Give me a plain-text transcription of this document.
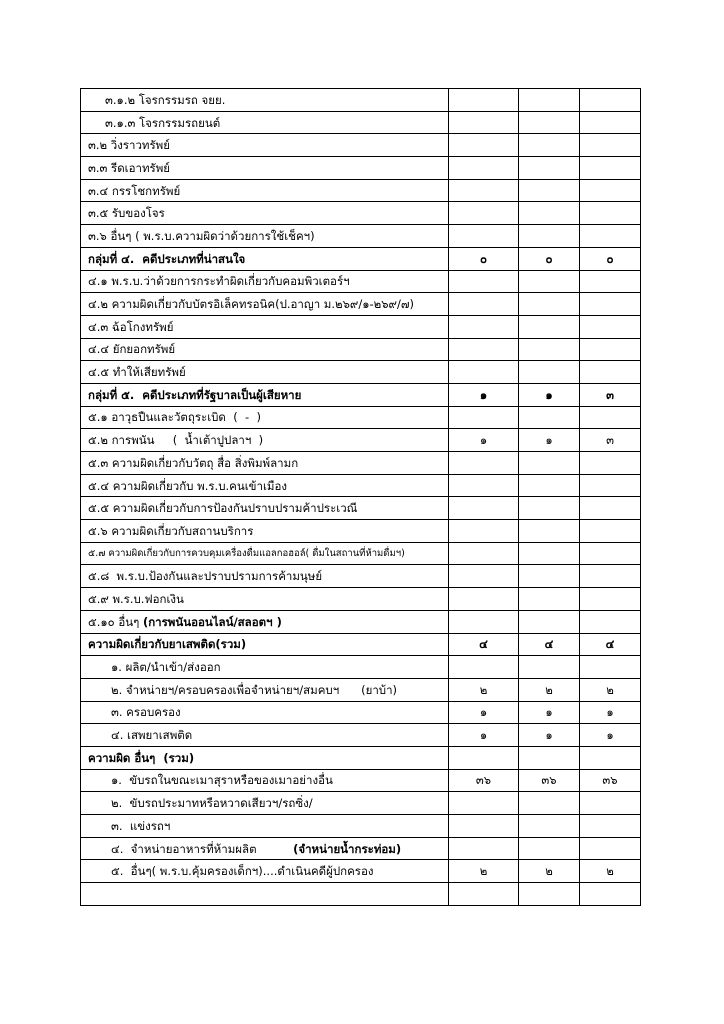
๓.๑.๒ โจรกรรมรถ จยย.			
๓.๑.๓ โจรกรรมรถยนต์			
๓.๒ วิ่งราวทรัพย์			
๓.๓ รีดเอาทรัพย์			
๓.๔ กรรโชกทรัพย์			
๓.๕ รับของโจร			
๓.๖ อื่นๆ ( พ.ร.บ.ความผิดว่าด้วยการใช้เช็คฯ)			
กลุ่มที่ ๔.  คดีประเภทที่น่าสนใจ	๐	๐	๐
๔.๑ พ.ร.บ.ว่าด้วยการกระทำผิดเกี่ยวกับคอมพิวเตอร์ฯ			
๔.๒ ความผิดเกี่ยวกับบัตรอิเล็คทรอนิค(ป.อาญา ม.๒๖๙/๑-๒๖๙/๗)			
๔.๓ ฉ้อโกงทรัพย์			
๔.๔ ยักยอกทรัพย์			
๔.๕ ทำให้เสียทรัพย์			
กลุ่มที่ ๕.  คดีประเภทที่รัฐบาลเป็นผู้เสียหาย	๑	๑	๓
๕.๑ อาวุธปืนและวัตถุระเบิด  (  -  )			
๕.๒ การพนัน     (  น้ำเต้าปูปลาฯ  )	๑	๑	๓
๕.๓ ความผิดเกี่ยวกับวัตถุ สื่อ สิ่งพิมพ์ลามก			
๕.๔ ความผิดเกี่ยวกับ พ.ร.บ.คนเข้าเมือง			
๕.๕ ความผิดเกี่ยวกับการป้องกันปราบปรามค้าประเวณี			
๕.๖ ความผิดเกี่ยวกับสถานบริการ			
๕.๗ ความผิดเกี่ยวกับการควบคุมเครื่องดื่มแอลกอฮอล์( ดื่มในสถานที่ห้ามดื่มฯ)			
๕.๘  พ.ร.บ.ป้องกันและปราบปรามการค้ามนุษย์			
๕.๙ พ.ร.บ.ฟอกเงิน			
๕.๑๐ อื่นๆ (การพนันออนไลน์/สลอตฯ )			
ความผิดเกี่ยวกับยาเสพติด(รวม)	๔	๔	๔
๑. ผลิต/นำเข้า/ส่งออก			
๒. จำหน่ายฯ/ครอบครองเพื่อจำหน่ายฯ/สมคบฯ      (ยาบ้า)	๒	๒	๒
๓. ครอบครอง	๑	๑	๑
๔. เสพยาเสพติด	๑	๑	๑
ความผิด อื่นๆ  (รวม)			
๑.  ขับรถในขณะเมาสุราหรือของเมาอย่างอื่น	๓๖	๓๖	๓๖
๒.  ขับรถประมาทหรือหวาดเสียวฯ/รถซิ่ง/			
๓.  แข่งรถฯ			
๔.  จำหน่ายอาหารที่ห้ามผลิต          (จำหน่ายน้ำกระท่อม)			
๕.  อื่นๆ( พ.ร.บ.คุ้มครองเด็กฯ)....ดำเนินคดีผู้ปกครอง	๒	๒	๒
